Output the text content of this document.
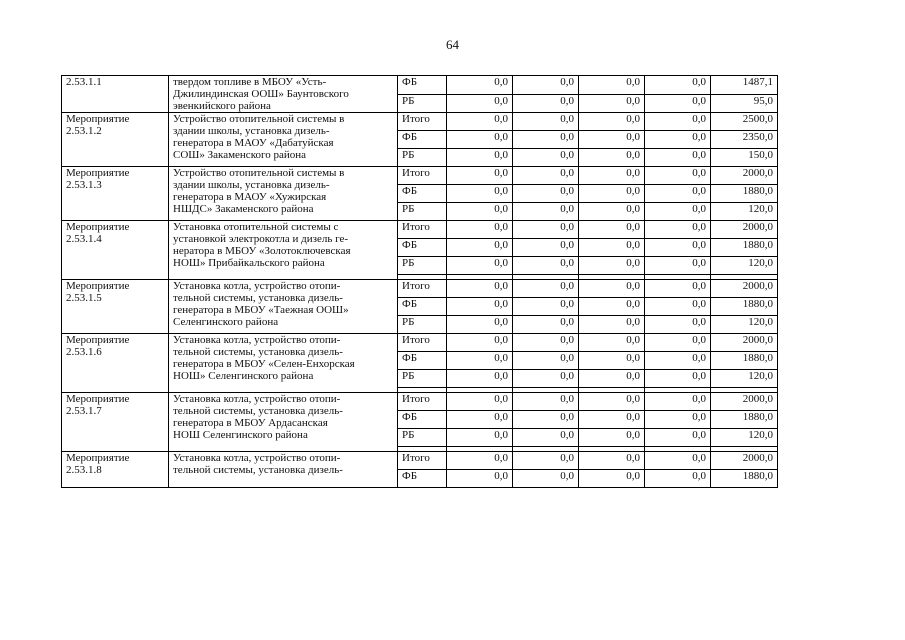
64
2.53.1.1	твердом топливе в МБОУ «Усть-
Джилиндинская ООШ» Баунтовского
эвенкийского района	ФБ	0,0	0,0	0,0	0,0	1487,1
		РБ	0,0	0,0	0,0	0,0	95,0

Мероприятие
2.53.1.2	Устройство отопительной системы в
здании школы, установка дизель-
генератора в МАОУ «Дабатуйская
СОШ» Закаменского района	Итого	0,0	0,0	0,0	0,0	2500,0
		ФБ	0,0	0,0	0,0	0,0	2350,0
		РБ	0,0	0,0	0,0	0,0	150,0

Мероприятие
2.53.1.3	Устройство отопительной системы в
здании школы, установка дизель-
генератора в МАОУ «Хужирская
НШДС» Закаменского района	Итого	0,0	0,0	0,0	0,0	2000,0
		ФБ	0,0	0,0	0,0	0,0	1880,0
		РБ	0,0	0,0	0,0	0,0	120,0

Мероприятие
2.53.1.4	Установка отопительной системы с
установкой электрокотла и дизель ге-
нератора в МБОУ «Золотоключевская
НОШ» Прибайкальского района	Итого	0,0	0,0	0,0	0,0	2000,0
		ФБ	0,0	0,0	0,0	0,0	1880,0
		РБ	0,0	0,0	0,0	0,0	120,0

Мероприятие
2.53.1.5	Установка котла, устройство отопи-
тельной системы, установка дизель-
генератора в МБОУ «Таежная ООШ»
Селенгинского района	Итого	0,0	0,0	0,0	0,0	2000,0
		ФБ	0,0	0,0	0,0	0,0	1880,0
		РБ	0,0	0,0	0,0	0,0	120,0

Мероприятие
2.53.1.6	Установка котла, устройство отопи-
тельной системы, установка дизель-
генератора в МБОУ «Селен-Енхорская
НОШ» Селенгинского района	Итого	0,0	0,0	0,0	0,0	2000,0
		ФБ	0,0	0,0	0,0	0,0	1880,0
		РБ	0,0	0,0	0,0	0,0	120,0

Мероприятие
2.53.1.7	Установка котла, устройство отопи-
тельной системы, установка дизель-
генератора в МБОУ Ардасанская
НОШ Селенгинского района	Итого	0,0	0,0	0,0	0,0	2000,0
		ФБ	0,0	0,0	0,0	0,0	1880,0
		РБ	0,0	0,0	0,0	0,0	120,0

Мероприятие
2.53.1.8	Установка котла, устройство отопи-
тельной системы, установка дизель-	Итого	0,0	0,0	0,0	0,0	2000,0
		ФБ	0,0	0,0	0,0	0,0	1880,0
